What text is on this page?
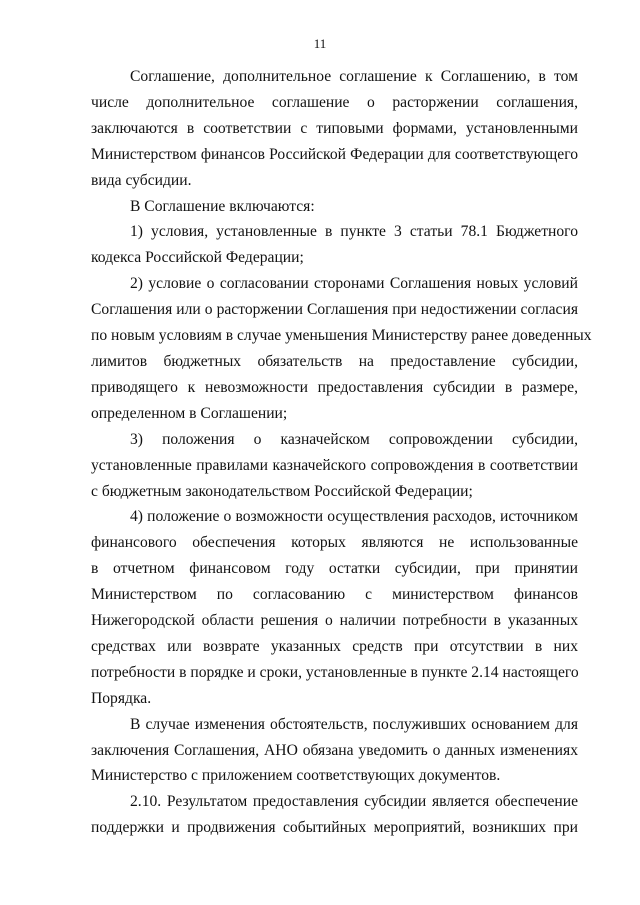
11

Соглашение, дополнительное соглашение к Соглашению, в том
числе дополнительное соглашение о расторжении соглашения,
заключаются в соответствии с типовыми формами, установленными
Министерством финансов Российской Федерации для соответствующего
вида субсидии.

В Соглашение включаются:

1) условия, установленные в пункте 3 статьи 78.1 Бюджетного
кодекса Российской Федерации;

2) условие о согласовании сторонами Соглашения новых условий
Соглашения или о расторжении Соглашения при недостижении согласия
по новым условиям в случае уменьшения Министерству ранее доведенных
лимитов бюджетных обязательств на предоставление субсидии,
приводящего к невозможности предоставления субсидии в размере,
определенном в Соглашении;

3) положения о казначейском сопровождении субсидии,
установленные правилами казначейского сопровождения в соответствии
с бюджетным законодательством Российской Федерации;

4) положение о возможности осуществления расходов, источником
финансового обеспечения которых являются не использованные
в отчетном финансовом году остатки субсидии, при принятии
Министерством по согласованию с министерством финансов
Нижегородской области решения о наличии потребности в указанных
средствах или возврате указанных средств при отсутствии в них
потребности в порядке и сроки, установленные в пункте 2.14 настоящего
Порядка.

В случае изменения обстоятельств, послуживших основанием для
заключения Соглашения, АНО обязана уведомить о данных изменениях
Министерство с приложением соответствующих документов.

2.10. Результатом предоставления субсидии является обеспечение
поддержки и продвижения событийных мероприятий, возникших при
